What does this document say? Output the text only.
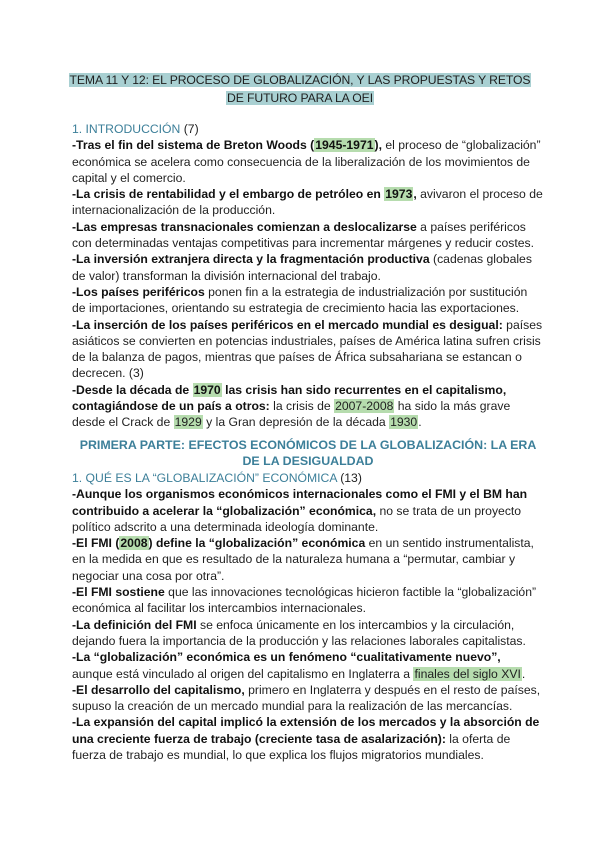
TEMA 11 Y 12: EL PROCESO DE GLOBALIZACIÓN, Y LAS PROPUESTAS Y RETOS
DE FUTURO PARA LA OEI

1. INTRODUCCIÓN (7)

-Tras el fin del sistema de Breton Woods (1945-1971), el proceso de “globalización” económica se acelera como consecuencia de la liberalización de los movimientos de capital y el comercio.

-La crisis de rentabilidad y el embargo de petróleo en 1973, avivaron el proceso de internacionalización de la producción.

-Las empresas transnacionales comienzan a deslocalizarse a países periféricos con determinadas ventajas competitivas para incrementar márgenes y reducir costes.

-La inversión extranjera directa y la fragmentación productiva (cadenas globales de valor) transforman la división internacional del trabajo.

-Los países periféricos ponen fin a la estrategia de industrialización por sustitución de importaciones, orientando su estrategia de crecimiento hacia las exportaciones.

-La inserción de los países periféricos en el mercado mundial es desigual: países asiáticos se convierten en potencias industriales, países de América latina sufren crisis de la balanza de pagos, mientras que países de África subsahariana se estancan o decrecen. (3)

-Desde la década de 1970 las crisis han sido recurrentes en el capitalismo, contagiándose de un país a otros: la crisis de 2007-2008 ha sido la más grave desde el Crack de 1929 y la Gran depresión de la década 1930.

PRIMERA PARTE: EFECTOS ECONÓMICOS DE LA GLOBALIZACIÓN: LA ERA DE LA DESIGUALDAD

1. QUÉ ES LA “GLOBALIZACIÓN” ECONÓMICA (13)

-Aunque los organismos económicos internacionales como el FMI y el BM han contribuido a acelerar la “globalización” económica, no se trata de un proyecto político adscrito a una determinada ideología dominante.

-El FMI (2008) define la “globalización” económica en un sentido instrumentalista, en la medida en que es resultado de la naturaleza humana a “permutar, cambiar y negociar una cosa por otra”.

-El FMI sostiene que las innovaciones tecnológicas hicieron factible la “globalización” económica al facilitar los intercambios internacionales.

-La definición del FMI se enfoca únicamente en los intercambios y la circulación, dejando fuera la importancia de la producción y las relaciones laborales capitalistas.

-La “globalización” económica es un fenómeno “cualitativamente nuevo”, aunque está vinculado al origen del capitalismo en Inglaterra a finales del siglo XVI.

-El desarrollo del capitalismo, primero en Inglaterra y después en el resto de países, supuso la creación de un mercado mundial para la realización de las mercancías.

-La expansión del capital implicó la extensión de los mercados y la absorción de una creciente fuerza de trabajo (creciente tasa de asalarización): la oferta de fuerza de trabajo es mundial, lo que explica los flujos migratorios mundiales.
